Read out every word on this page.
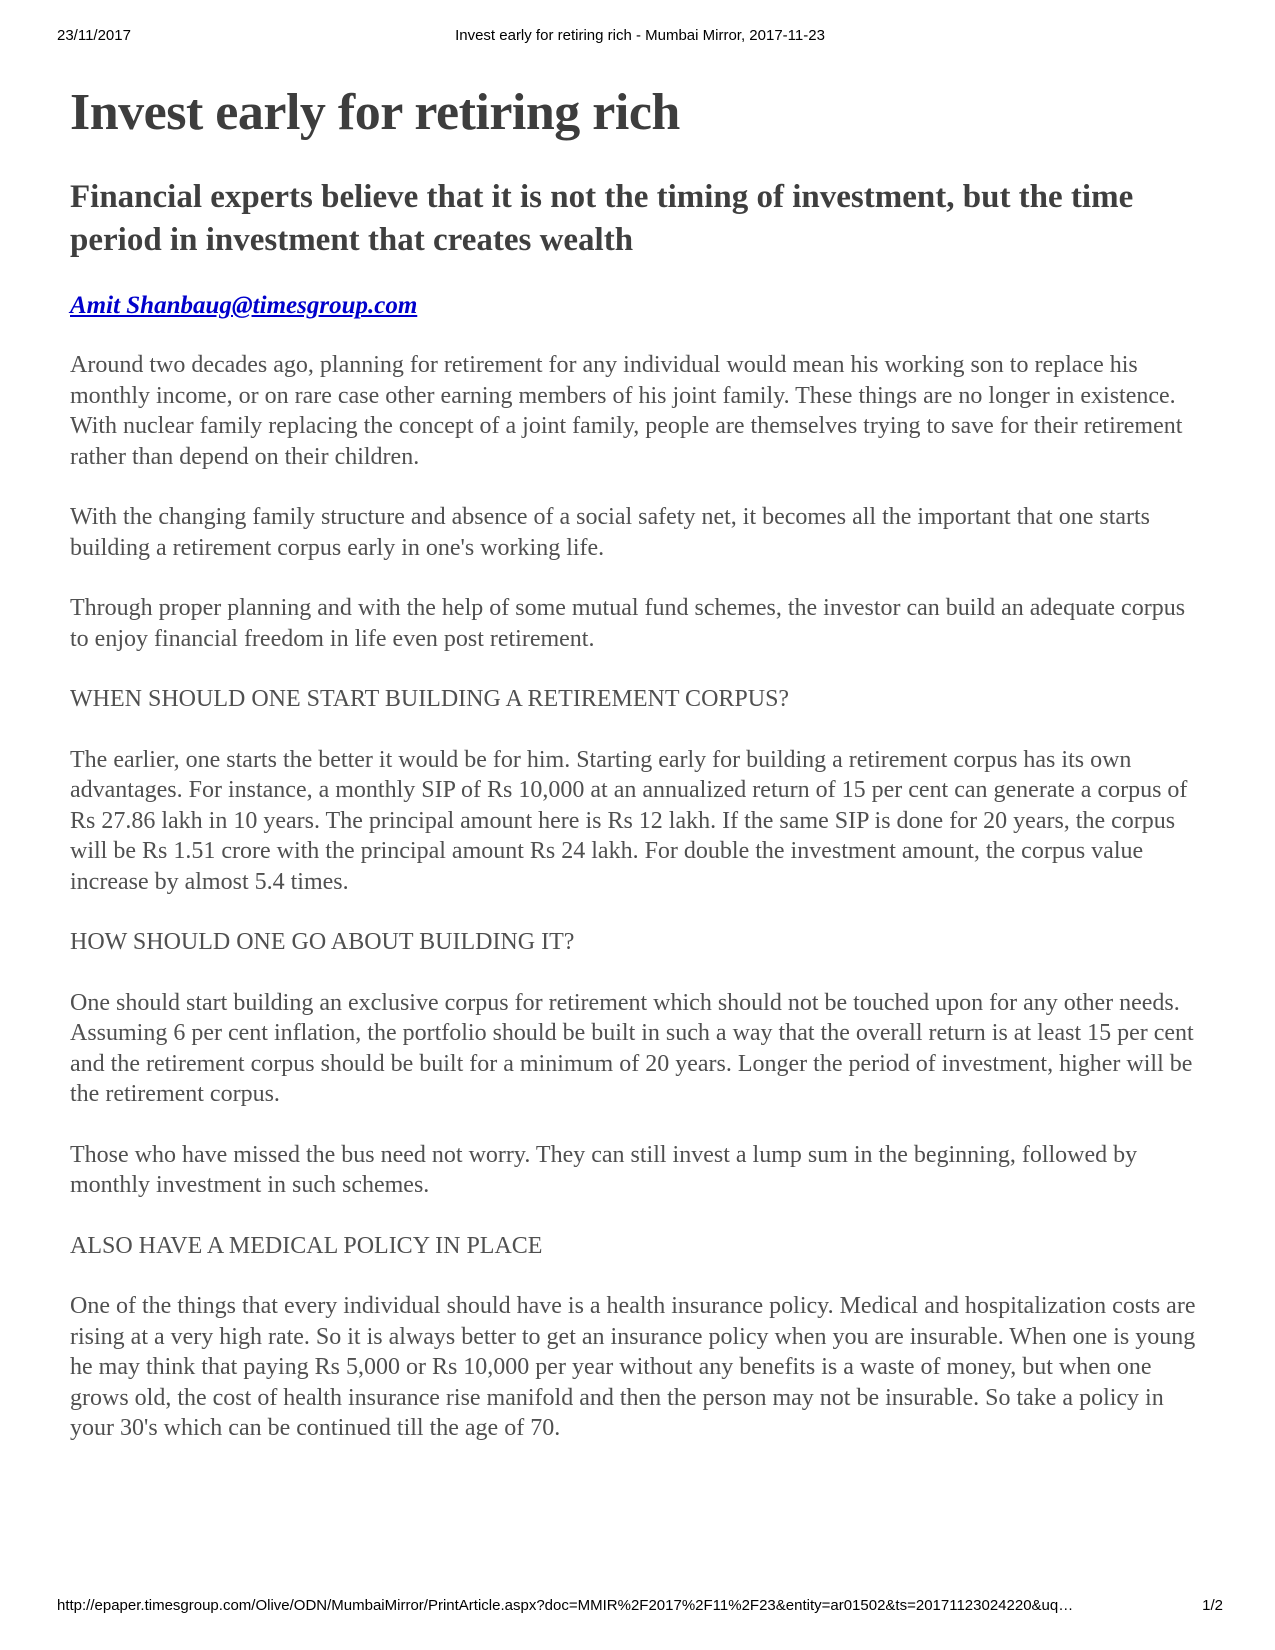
23/11/2017	Invest early for retiring rich - Mumbai Mirror, 2017-11-23
Invest early for retiring rich
Financial experts believe that it is not the timing of investment, but the time period in investment that creates wealth
Amit Shanbaug@timesgroup.com

Around two decades ago, planning for retirement for any individual would mean his working son to replace his monthly income, or on rare case other earning members of his joint family. These things are no longer in existence. With nuclear family replacing the concept of a joint family, people are themselves trying to save for their retirement rather than depend on their children.

With the changing family structure and absence of a social safety net, it becomes all the important that one starts building a retirement corpus early in one's working life.

Through proper planning and with the help of some mutual fund schemes, the investor can build an adequate corpus to enjoy financial freedom in life even post retirement.

WHEN SHOULD ONE START BUILDING A RETIREMENT CORPUS?

The earlier, one starts the better it would be for him. Starting early for building a retirement corpus has its own advantages. For instance, a monthly SIP of Rs 10,000 at an annualized return of 15 per cent can generate a corpus of Rs 27.86 lakh in 10 years. The principal amount here is Rs 12 lakh. If the same SIP is done for 20 years, the corpus will be Rs 1.51 crore with the principal amount Rs 24 lakh. For double the investment amount, the corpus value increase by almost 5.4 times.

HOW SHOULD ONE GO ABOUT BUILDING IT?

One should start building an exclusive corpus for retirement which should not be touched upon for any other needs. Assuming 6 per cent inflation, the portfolio should be built in such a way that the overall return is at least 15 per cent and the retirement corpus should be built for a minimum of 20 years. Longer the period of investment, higher will be the retirement corpus.

Those who have missed the bus need not worry. They can still invest a lump sum in the beginning, followed by monthly investment in such schemes.

ALSO HAVE A MEDICAL POLICY IN PLACE

One of the things that every individual should have is a health insurance policy. Medical and hospitalization costs are rising at a very high rate. So it is always better to get an insurance policy when you are insurable. When one is young he may think that paying Rs 5,000 or Rs 10,000 per year without any benefits is a waste of money, but when one grows old, the cost of health insurance rise manifold and then the person may not be insurable. So take a policy in your 30's which can be continued till the age of 70.

http://epaper.timesgroup.com/Olive/ODN/MumbaiMirror/PrintArticle.aspx?doc=MMIR%2F2017%2F11%2F23&entity=ar01502&ts=20171123024220&uq…	1/2
